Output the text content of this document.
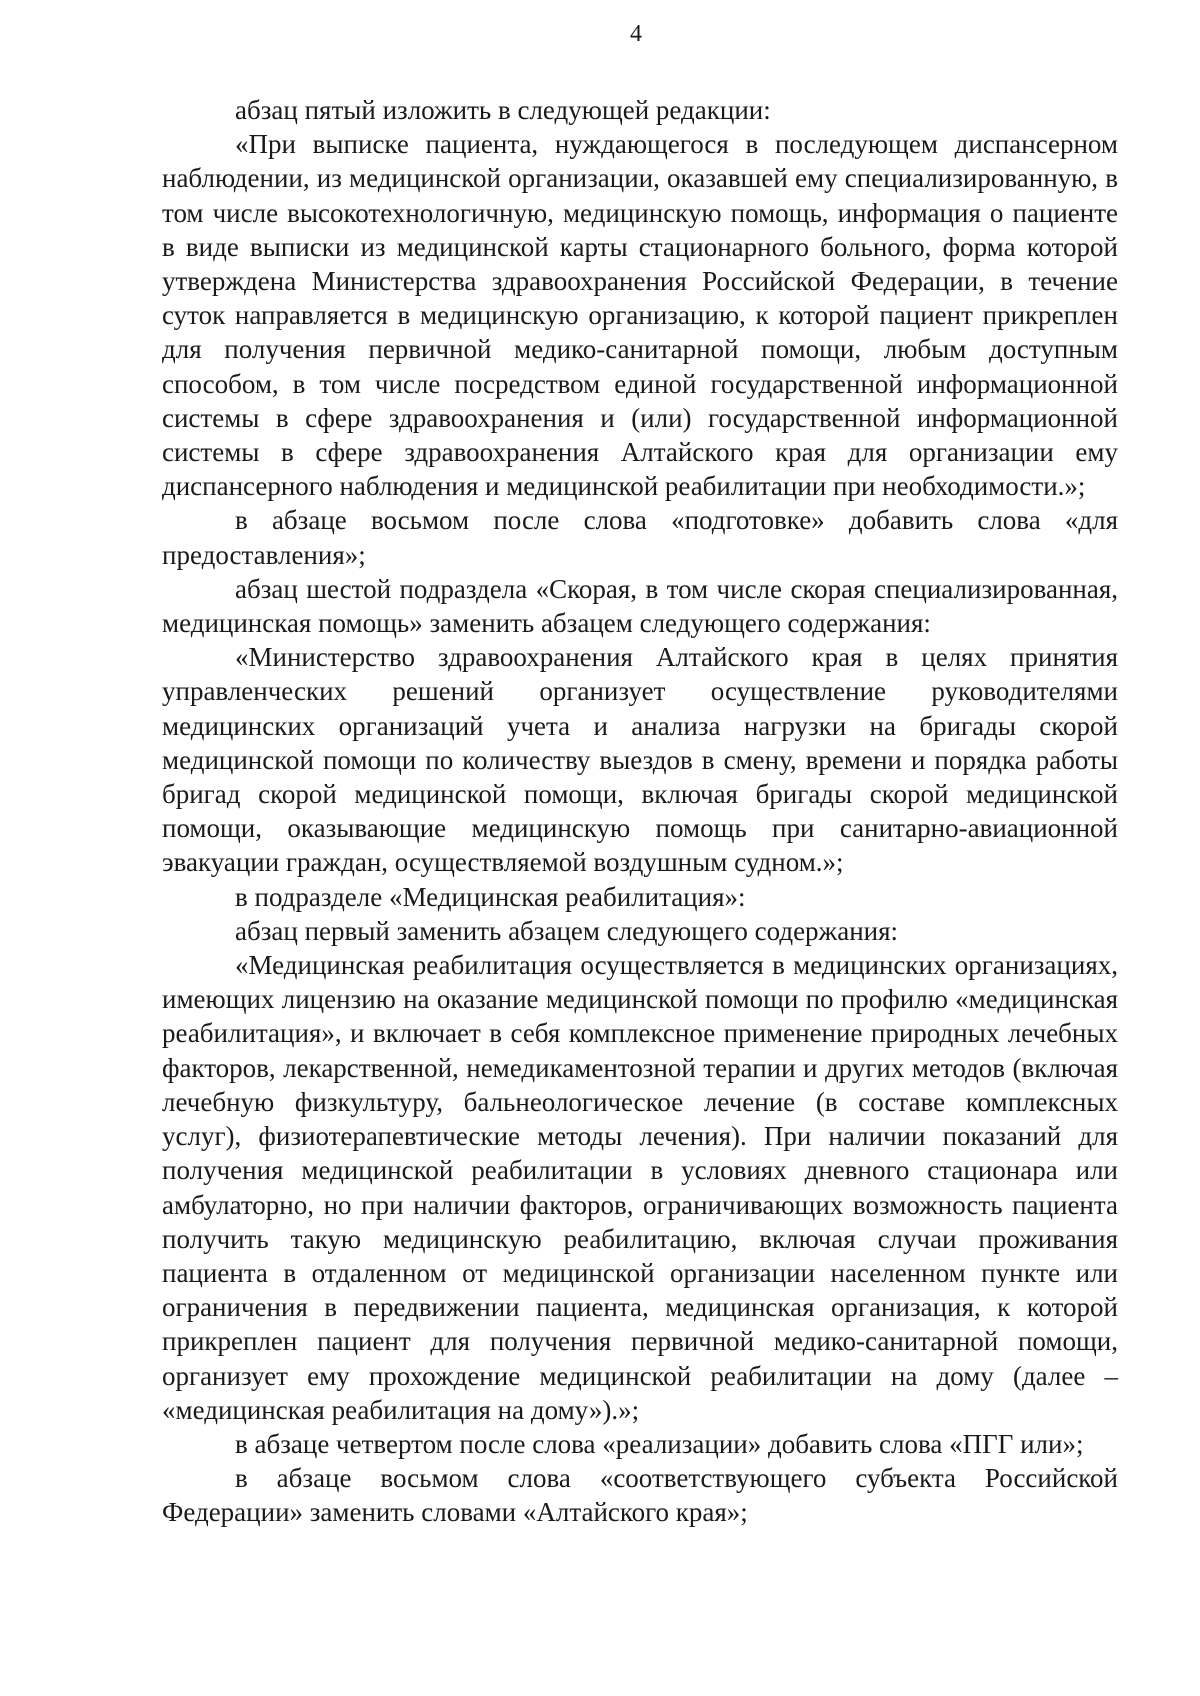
4

абзац пятый изложить в следующей редакции:

«При выписке пациента, нуждающегося в последующем диспансерном наблюдении, из медицинской организации, оказавшей ему специализированную, в том числе высокотехнологичную, медицинскую помощь, информация о пациенте в виде выписки из медицинской карты стационарного больного, форма которой утверждена Министерства здравоохранения Российской Федерации, в течение суток направляется в медицинскую организацию, к которой пациент прикреплен для получения первичной медико-санитарной помощи, любым доступным способом, в том числе посредством единой государственной информационной системы в сфере здравоохранения и (или) государственной информационной системы в сфере здравоохранения Алтайского края для организации ему диспансерного наблюдения и медицинской реабилитации при необходимости.»;

в абзаце восьмом после слова «подготовке» добавить слова «для предоставления»;

абзац шестой подраздела «Скорая, в том числе скорая специализированная, медицинская помощь» заменить абзацем следующего содержания:

«Министерство здравоохранения Алтайского края в целях принятия управленческих решений организует осуществление руководителями медицинских организаций учета и анализа нагрузки на бригады скорой медицинской помощи по количеству выездов в смену, времени и порядка работы бригад скорой медицинской помощи, включая бригады скорой медицинской помощи, оказывающие медицинскую помощь при санитарно-авиационной эвакуации граждан, осуществляемой воздушным судном.»;

в подразделе «Медицинская реабилитация»:

абзац первый заменить абзацем следующего содержания:

«Медицинская реабилитация осуществляется в медицинских организациях, имеющих лицензию на оказание медицинской помощи по профилю «медицинская реабилитация», и включает в себя комплексное применение природных лечебных факторов, лекарственной, немедикаментозной терапии и других методов (включая лечебную физкультуру, бальнеологическое лечение (в составе комплексных услуг), физиотерапевтические методы лечения). При наличии показаний для получения медицинской реабилитации в условиях дневного стационара или амбулаторно, но при наличии факторов, ограничивающих возможность пациента получить такую медицинскую реабилитацию, включая случаи проживания пациента в отдаленном от медицинской организации населенном пункте или ограничения в передвижении пациента, медицинская организация, к которой прикреплен пациент для получения первичной медико-санитарной помощи, организует ему прохождение медицинской реабилитации на дому (далее – «медицинская реабилитация на дому»).»;

в абзаце четвертом после слова «реализации» добавить слова «ПГГ или»;

в абзаце восьмом слова «соответствующего субъекта Российской Федерации» заменить словами «Алтайского края»;
